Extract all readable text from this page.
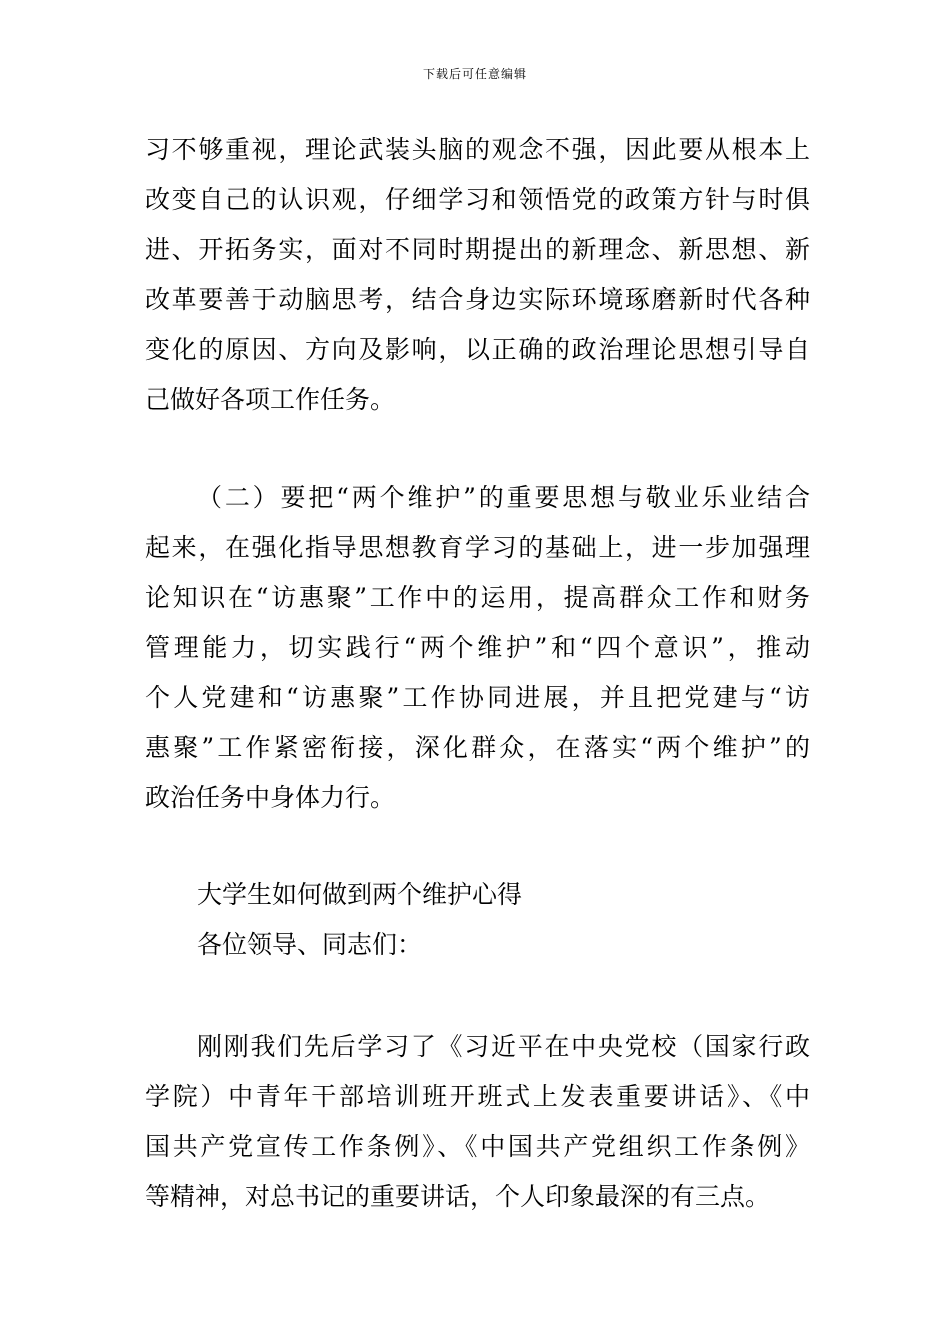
下载后可任意编辑
习不够重视，理论武装头脑的观念不强，因此要从根本上
改变自己的认识观，仔细学习和领悟党的政策方针与时俱
进、开拓务实，面对不同时期提出的新理念、新思想、新
改革要善于动脑思考，结合身边实际环境琢磨新时代各种
变化的原因、方向及影响，以正确的政治理论思想引导自
己做好各项工作任务。
（二）要把“两个维护”的重要思想与敬业乐业结合
起来，在强化指导思想教育学习的基础上，进一步加强理
论知识在“访惠聚”工作中的运用，提高群众工作和财务
管理能力，切实践行“两个维护”和“四个意识”，推动
个人党建和“访惠聚”工作协同进展，并且把党建与“访
惠聚”工作紧密衔接，深化群众，在落实“两个维护”的
政治任务中身体力行。
大学生如何做到两个维护心得
各位领导、同志们：
刚刚我们先后学习了《习近平在中央党校（国家行政
学院）中青年干部培训班开班式上发表重要讲话》、《中
国共产党宣传工作条例》、《中国共产党组织工作条例》
等精神，对总书记的重要讲话，个人印象最深的有三点。
